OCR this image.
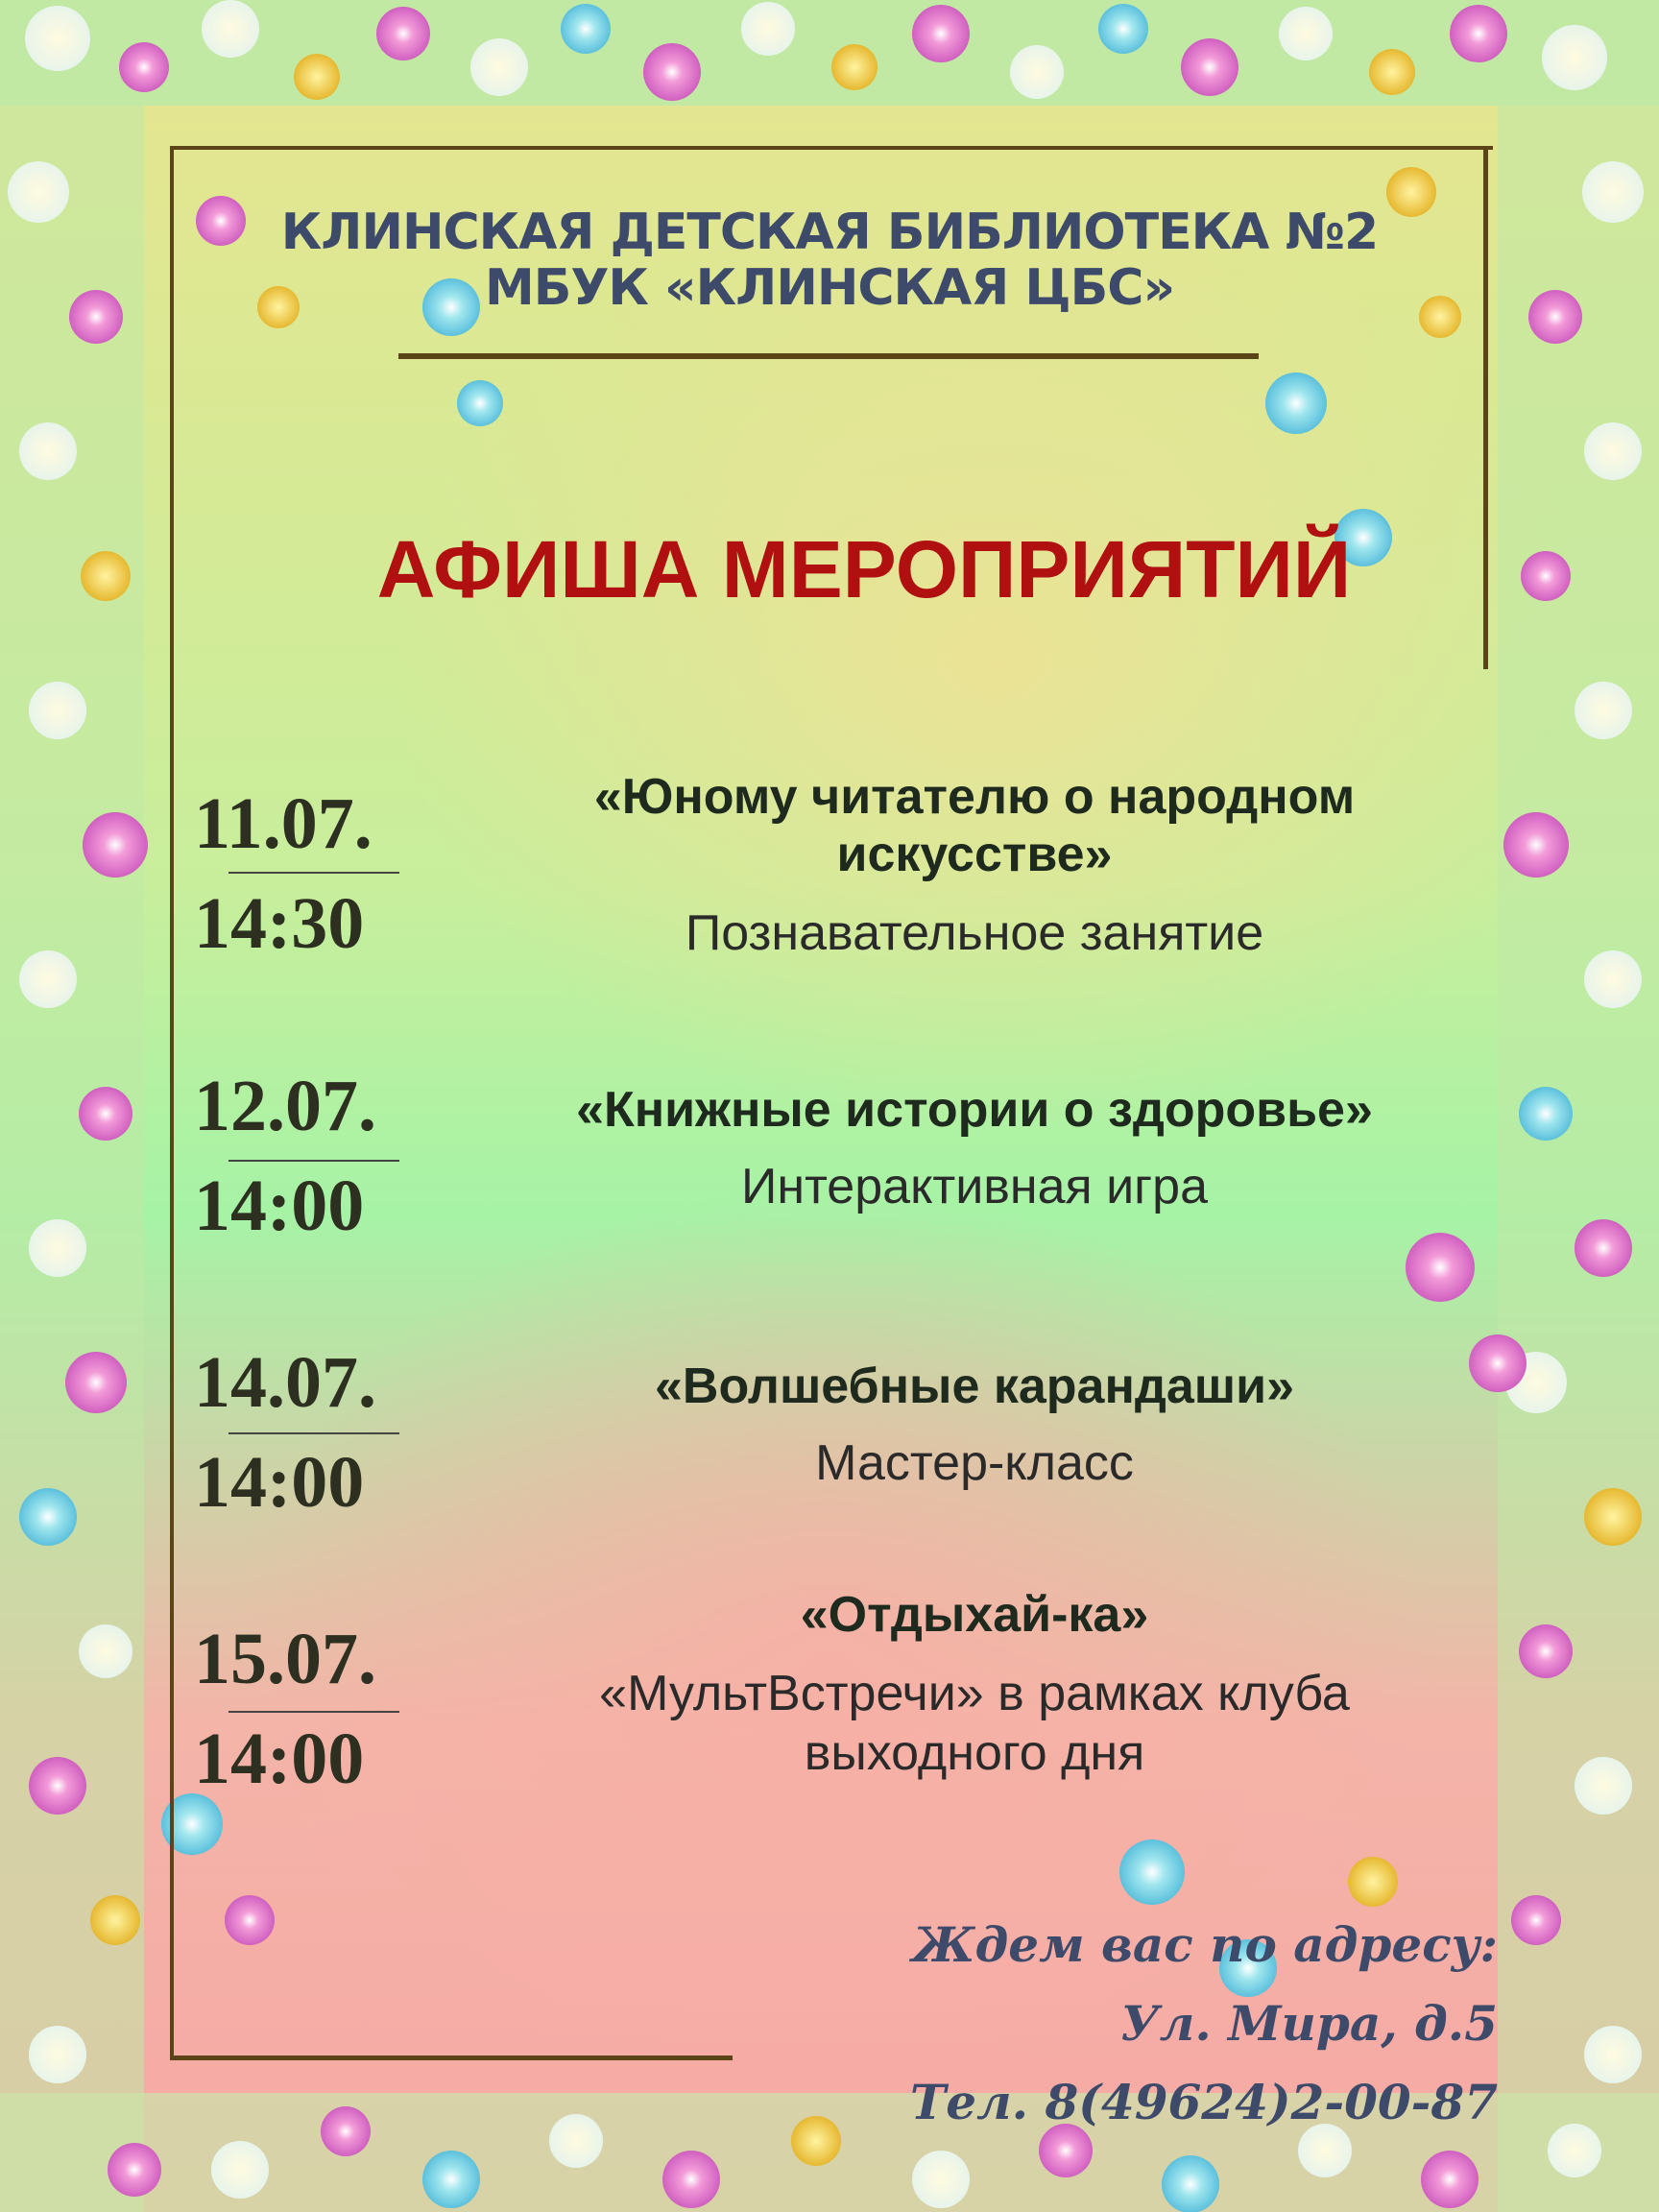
КЛИНСКАЯ ДЕТСКАЯ БИБЛИОТЕКА №2
МБУК «КЛИНСКАЯ ЦБС»
АФИША МЕРОПРИЯТИЙ
11.07.
14:30
«Юному читателю о народном
искусстве»
Познавательное занятие
12.07.
14:00
«Книжные истории о здоровье»
Интерактивная игра
14.07.
14:00
«Волшебные карандаши»
Мастер-класс
15.07.
14:00
«Отдыхай-ка»
«МультВстречи» в рамках клуба
выходного дня
Ждем вас по адресу:
Ул. Мира, д.5
Тел. 8(49624)2-00-87
